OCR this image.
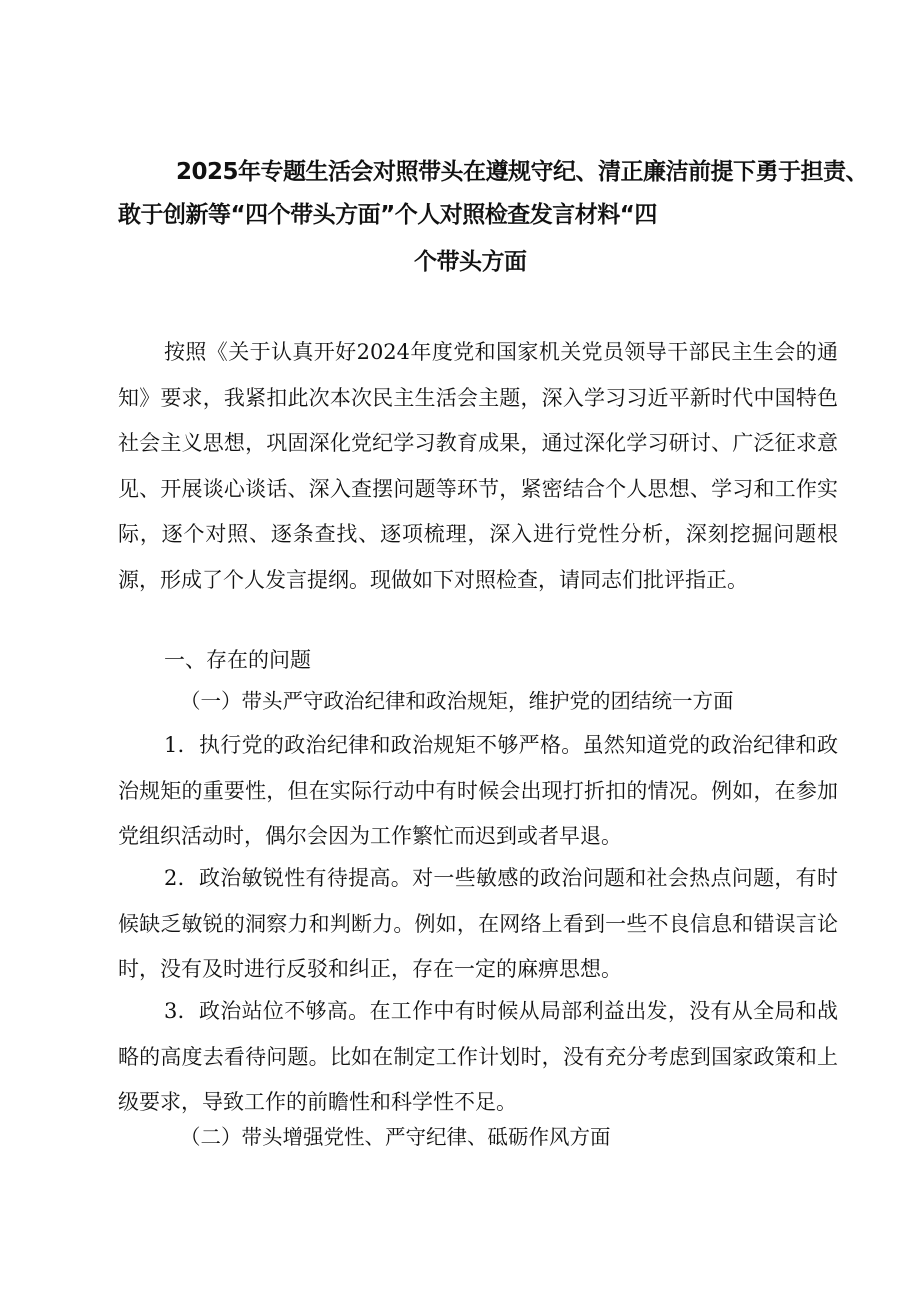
2025年专题生活会对照带头在遵规守纪、清正廉洁前提下勇于担责、
敢于创新等“四个带头方面”个人对照检查发言材料“四
个带头方面

按照《关于认真开好2024年度党和国家机关党员领导干部民主生会的通知》要求，我紧扣此次本次民主生活会主题，深入学习习近平新时代中国特色社会主义思想，巩固深化党纪学习教育成果，通过深化学习研讨、广泛征求意见、开展谈心谈话、深入查摆问题等环节，紧密结合个人思想、学习和工作实际，逐个对照、逐条查找、逐项梳理，深入进行党性分析，深刻挖掘问题根源，形成了个人发言提纲。现做如下对照检查，请同志们批评指正。

一、存在的问题
（一）带头严守政治纪律和政治规矩，维护党的团结统一方面

1．执行党的政治纪律和政治规矩不够严格。虽然知道党的政治纪律和政治规矩的重要性，但在实际行动中有时候会出现打折扣的情况。例如，在参加党组织活动时，偶尔会因为工作繁忙而迟到或者早退。

2．政治敏锐性有待提高。对一些敏感的政治问题和社会热点问题，有时候缺乏敏锐的洞察力和判断力。例如，在网络上看到一些不良信息和错误言论时，没有及时进行反驳和纠正，存在一定的麻痹思想。

3．政治站位不够高。在工作中有时候从局部利益出发，没有从全局和战略的高度去看待问题。比如在制定工作计划时，没有充分考虑到国家政策和上级要求，导致工作的前瞻性和科学性不足。

（二）带头增强党性、严守纪律、砥砺作风方面
